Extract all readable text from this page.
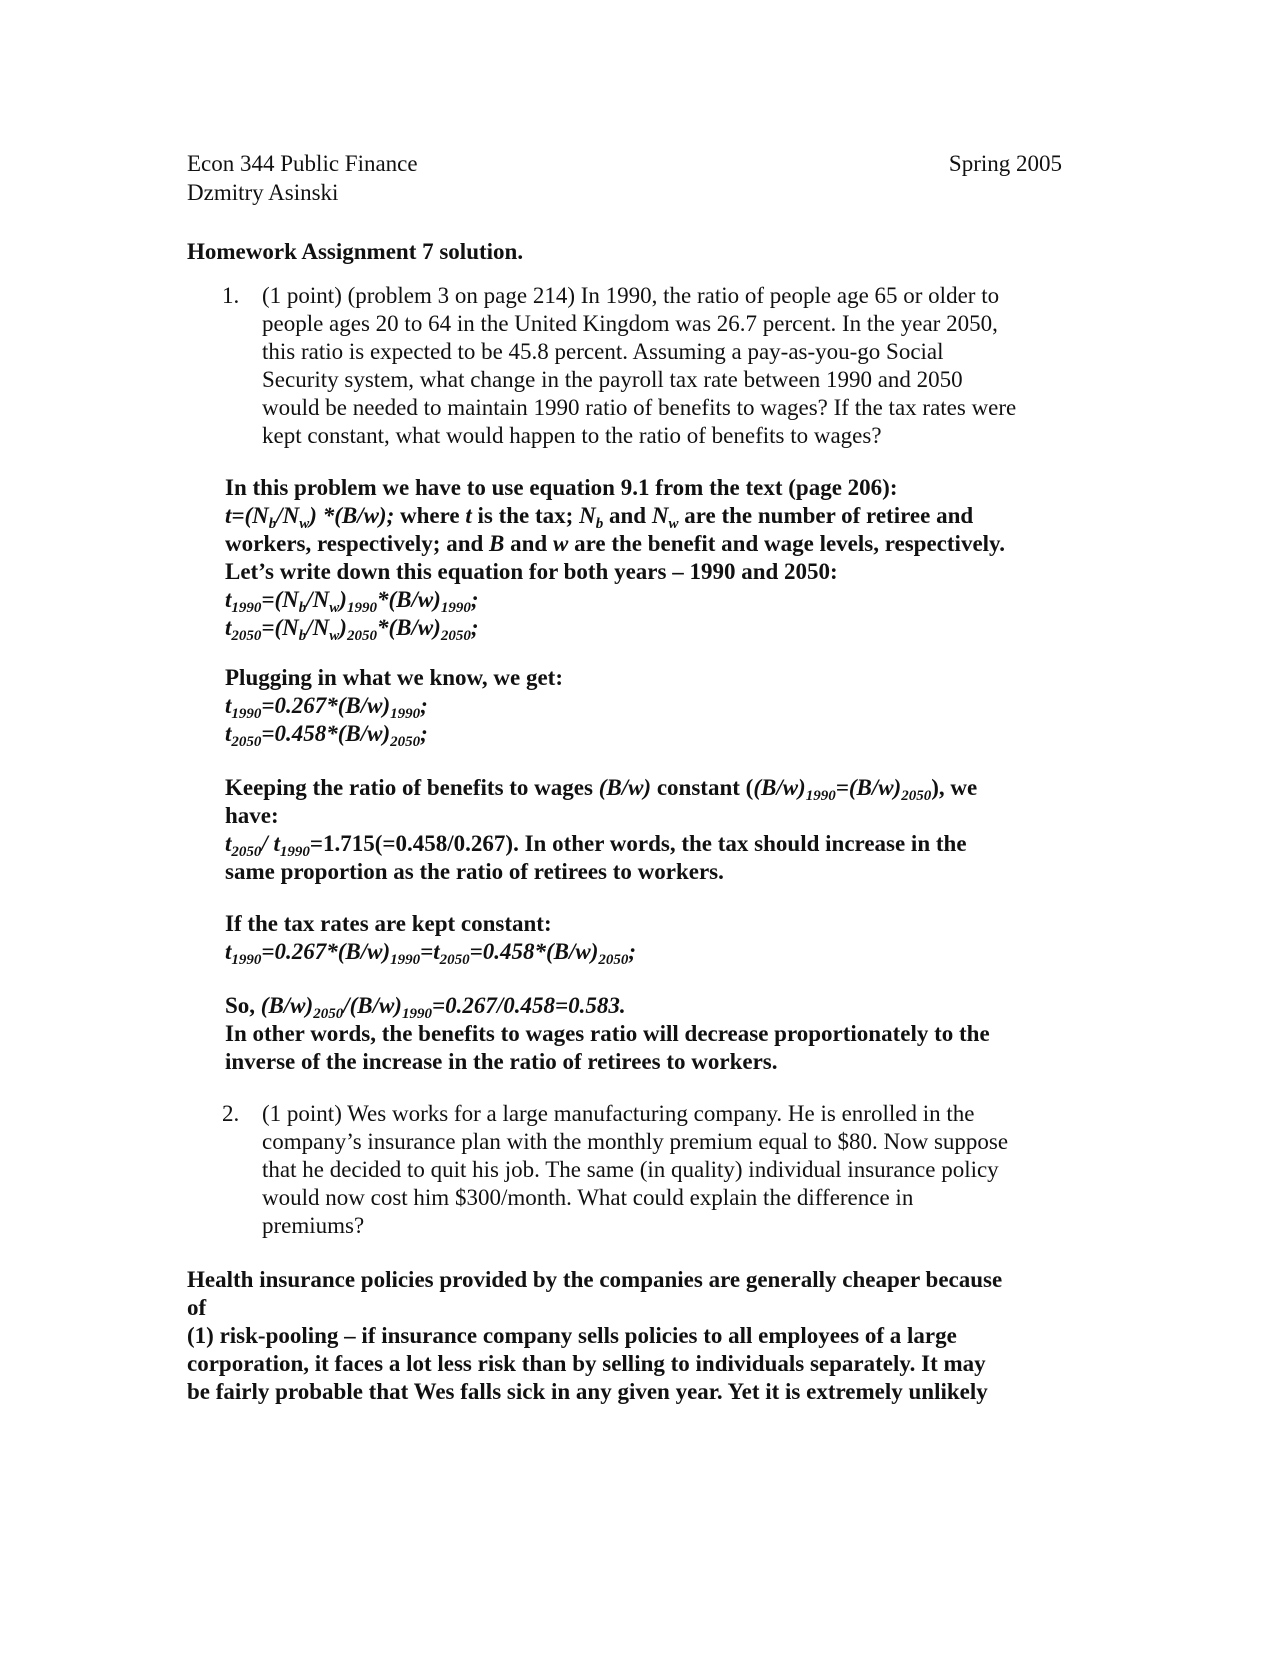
Econ 344 Public Finance	Spring 2005
Dzmitry Asinski
Homework Assignment 7 solution.
1. (1 point) (problem 3 on page 214) In 1990, the ratio of people age 65 or older to

people ages 20 to 64 in the United Kingdom was 26.7 percent. In the year 2050,

this ratio is expected to be 45.8 percent. Assuming a pay-as-you-go Social

Security system, what change in the payroll tax rate between 1990 and 2050

would be needed to maintain 1990 ratio of benefits to wages? If the tax rates were

kept constant, what would happen to the ratio of benefits to wages?

In this problem we have to use equation 9.1 from the text (page 206):

$t=(N_b/N_w)$ *(B/w); where t is the tax; $N_b$ and $N_w$ are the number of retiree and

workers, respectively; and B and w are the benefit and wage levels, respectively.

Let’s write down this equation for both years – 1990 and 2050:

$t_{1990}=(N_b/N_w)_{1990}*(B/w)_{1990}$;

$t_{2050}=(N_b/N_w)_{2050}*(B/w)_{2050}$;

Plugging in what we know, we get:

$t_{1990}=0.267*(B/w)_{1990}$;

$t_{2050}=0.458*(B/w)_{2050}$;

Keeping the ratio of benefits to wages (B/w) constant $((B/w)_{1990}=(B/w)_{2050})$, we

have:

$t_{2050}/$ $t_{1990}=1.715(=0.458/0.267)$. In other words, the tax should increase in the

same proportion as the ratio of retirees to workers.

If the tax rates are kept constant:

$t_{1990}=0.267*(B/w)_{1990}=t_{2050}=0.458*(B/w)_{2050}$;

So, $(B/w)_{2050}/(B/w)_{1990}=0.267/0.458=0.583$.

In other words, the benefits to wages ratio will decrease proportionately to the

inverse of the increase in the ratio of retirees to workers.

2. (1 point) Wes works for a large manufacturing company. He is enrolled in the

company’s insurance plan with the monthly premium equal to $80. Now suppose

that he decided to quit his job. The same (in quality) individual insurance policy

would now cost him $300/month. What could explain the difference in

premiums?

Health insurance policies provided by the companies are generally cheaper because

of

(1) risk-pooling – if insurance company sells policies to all employees of a large

corporation, it faces a lot less risk than by selling to individuals separately. It may

be fairly probable that Wes falls sick in any given year. Yet it is extremely unlikely
